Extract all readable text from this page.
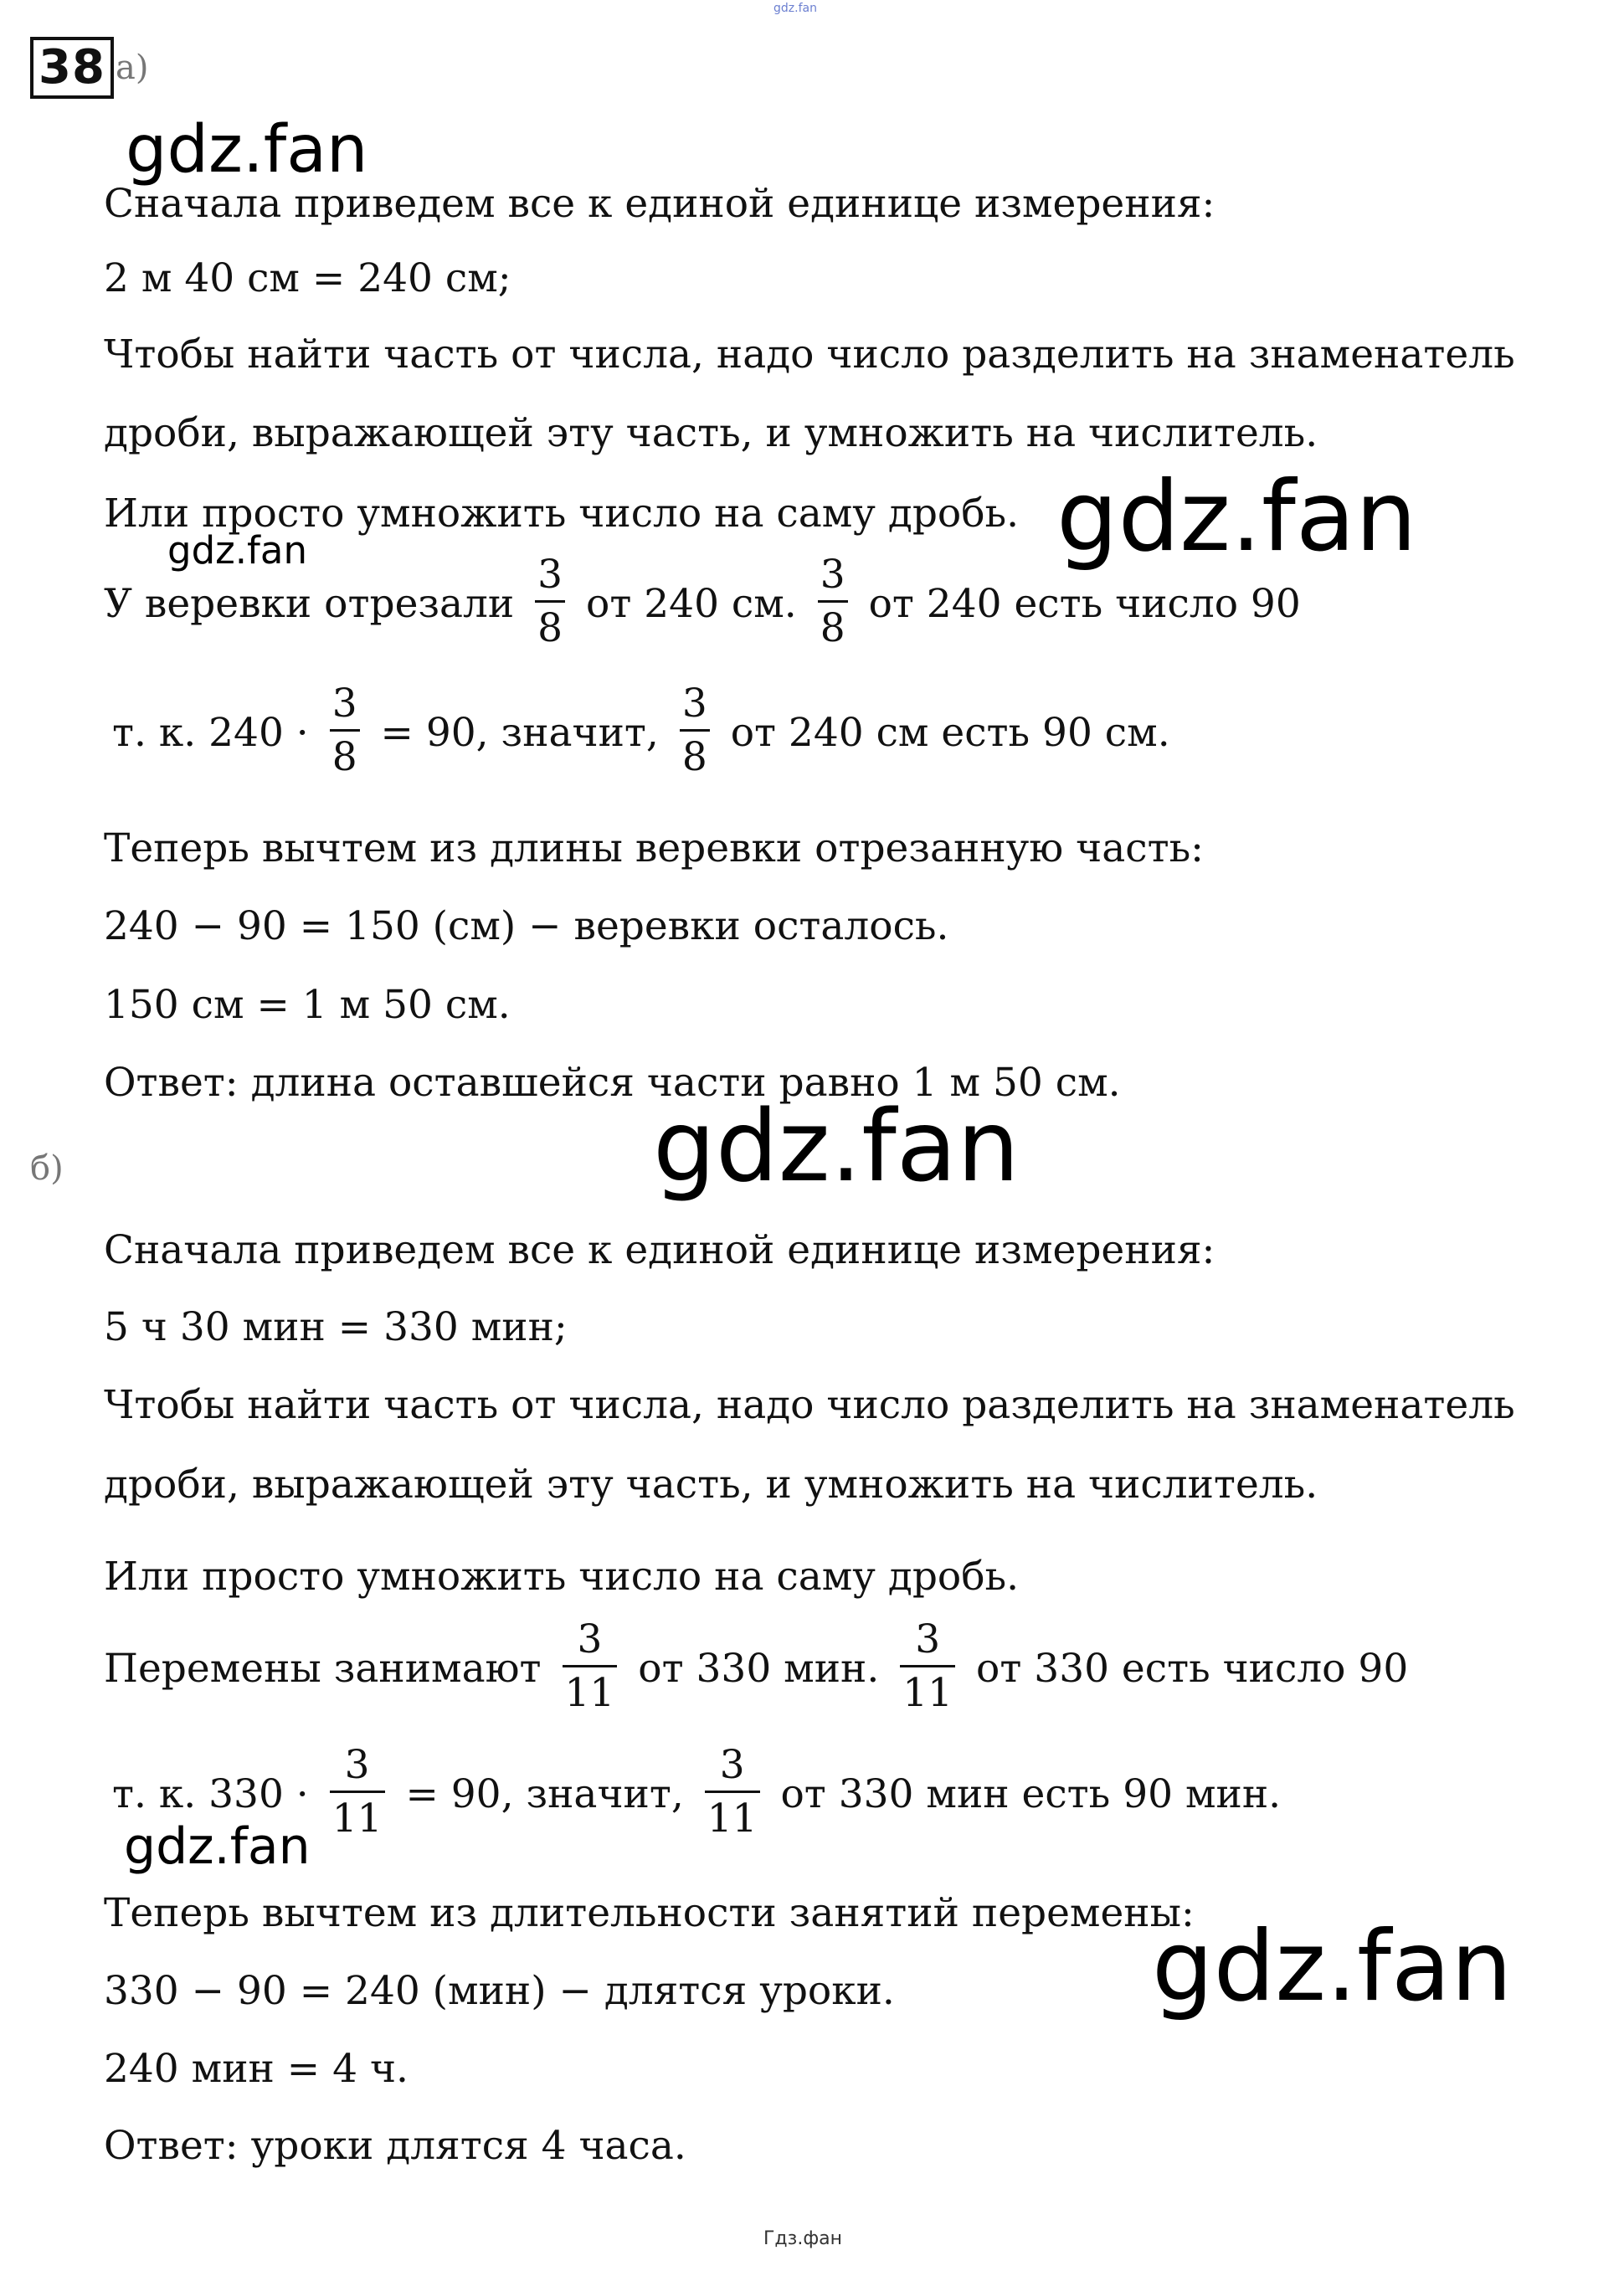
gdz.fan
38 а)
Сначала приведем все к единой единице измерения:
2 м 40 см = 240 см;
Чтобы найти часть от числа, надо число разделить на знаменатель
дроби, выражающей эту часть, и умножить на числитель.
Или просто умножить число на саму дробь.
У веревки отрезали $\frac{3}{8}$ от 240 см. $\frac{3}{8}$ от 240 есть число 90
т. к. $240 \cdot \frac{3}{8} = 90$, значит, $\frac{3}{8}$ от 240 см есть 90 см.
Теперь вычтем из длины веревки отрезанную часть:
240 − 90 = 150 (см) − веревки осталось.
150 см = 1 м 50 см.
Ответ: длина оставшейся части равно 1 м 50 см.
б)
Сначала приведем все к единой единице измерения:
5 ч 30 мин = 330 мин;
Чтобы найти часть от числа, надо число разделить на знаменатель
дроби, выражающей эту часть, и умножить на числитель.
Или просто умножить число на саму дробь.
Перемены занимают $\frac{3}{11}$ от 330 мин. $\frac{3}{11}$ от 330 есть число 90
т. к. $330 \cdot \frac{3}{11} = 90$, значит, $\frac{3}{11}$ от 330 мин есть 90 мин.
Теперь вычтем из длительности занятий перемены:
330 − 90 = 240 (мин) − длятся уроки.
240 мин = 4 ч.
Ответ: уроки длятся 4 часа.
gdz.fan
gdz.fan
gdz.fan
gdz.fan
gdz.fan
gdz.fan
Гдз.фан
